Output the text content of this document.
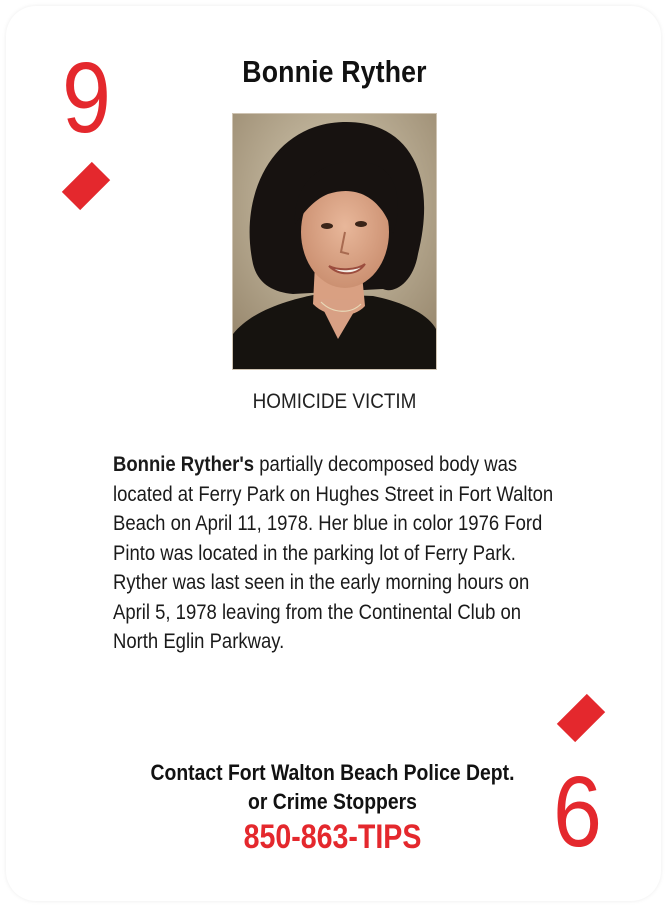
9	Bonnie Ryther
HOMICIDE VICTIM
Bonnie Ryther's partially decomposed body was located at Ferry Park on Hughes Street in Fort Walton Beach on April 11, 1978. Her blue in color 1976 Ford Pinto was located in the parking lot of Ferry Park. Ryther was last seen in the early morning hours on April 5, 1978 leaving from the Continental Club on North Eglin Parkway.
6
Contact Fort Walton Beach Police Dept.
or Crime Stoppers
850-863-TIPS
